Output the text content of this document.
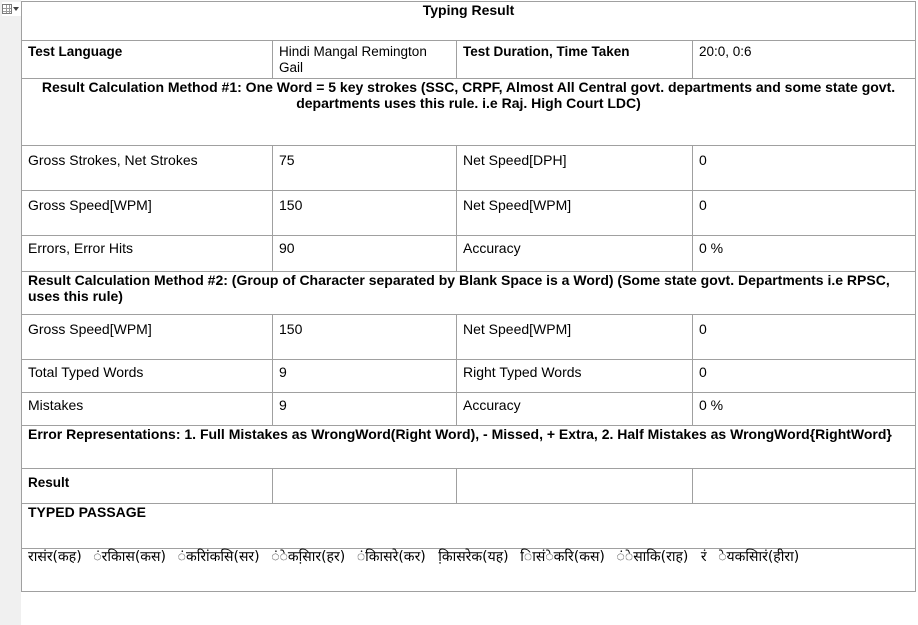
Typing Result			
Test Language	Hindi Mangal Remington Gail	Test Duration, Time Taken	20:0, 0:6
Result Calculation Method #1: One Word = 5 key strokes (SSC, CRPF, Almost All Central govt. departments and some state govt. departments uses this rule. i.e Raj. High Court LDC)			
Gross Strokes, Net Strokes	75	Net Speed[DPH]	0
Gross Speed[WPM]	150	Net Speed[WPM]	0
Errors, Error Hits	90	Accuracy	0 %
Result Calculation Method #2: (Group of Character separated by Blank Space is a Word) (Some state govt. Departments i.e RPSC, uses this rule)			
Gross Speed[WPM]	150	Net Speed[WPM]	0
Total Typed Words	9	Right Typed Words	0
Mistakes	9	Accuracy	0 %
Error Representations: 1. Full Mistakes as WrongWord(Right Word), - Missed, + Extra, 2. Half Mistakes as WrongWord{RightWord}			
Result			
TYPED PASSAGE			
रासंर(कह) ंरकािस(कस) ंकरिांकसि(सर) ंेकसाि़र(हर) ंकािसरे(कर) काि़सरेक(यह) ािसंेकरि(कस) ंेसाकि(राह) रं ेयकसािरं(हीरा)			
